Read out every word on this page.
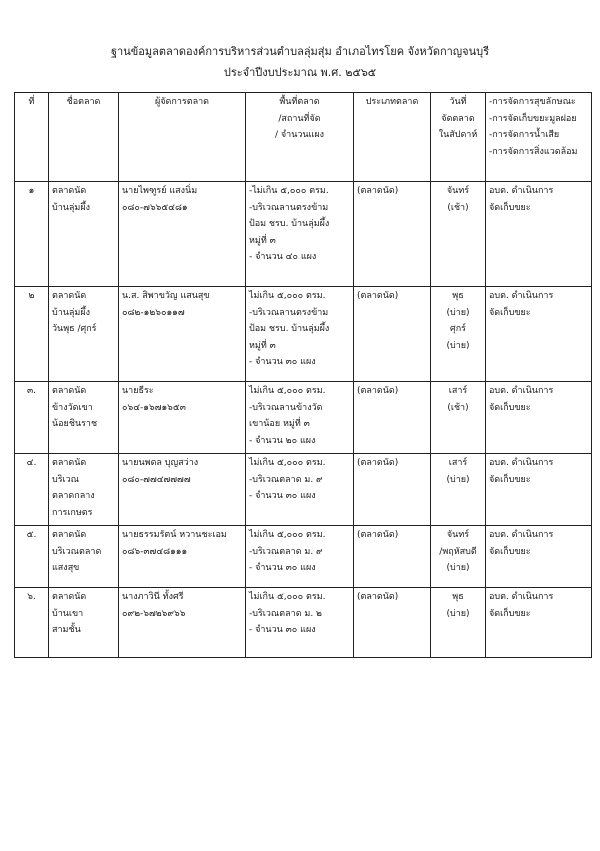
ฐานข้อมูลตลาดองค์การบริหารส่วนตำบลลุ่มสุ่ม อำเภอไทรโยค จังหวัดกาญจนบุรี
ประจำปีงบประมาณ พ.ศ. ๒๕๖๕
ที่	ชื่อตลาด	ผู้จัดการตลาด	พื้นที่ตลาด
/สถานที่จัด
/ จำนวนแผง	ประเภทตลาด	วันที่
จัดตลาด
ในสัปดาห์	-การจัดการสุขลักษณะ
-การจัดเก็บขยะมูลฝอย
-การจัดการน้ำเสีย
-การจัดการสิ่งแวดล้อม

๑	ตลาดนัด
บ้านลุ่มผึ้ง	นายไพฑูรย์ แสงนิ่ม
๐๘๐-๗๖๖๕๔๘๑	-ไม่เกิน ๕,๐๐๐ ตรม.
-บริเวณลานตรงข้าม
ป้อม ชรบ. บ้านลุ่มผึ้ง
หมู่ที่ ๓
- จำนวน ๔๐ แผง	(ตลาดนัด)	จันทร์
(เช้า)	อบต. ดำเนินการ
จัดเก็บขยะ

๒	ตลาดนัด
บ้านลุ่มผึ้ง
วันพุธ /ศุกร์	น.ส. สิพาขวัญ แสนสุข
๐๘๒-๑๒๖๐๑๑๗	ไม่เกิน ๕,๐๐๐ ตรม.
-บริเวณลานตรงข้าม
ป้อม ชรบ. บ้านลุ่มผึ้ง
หมู่ที่ ๓
- จำนวน ๓๐ แผง	(ตลาดนัด)	พุธ
(บ่าย)
ศุกร์
(บ่าย)	อบต. ดำเนินการ
จัดเก็บขยะ

๓.	ตลาดนัด
ข้างวัดเขา
น้อยชินราช	นายธีระ
๐๖๔-๑๖๗๑๖๕๓	ไม่เกิน ๕,๐๐๐ ตรม.
-บริเวณลานข้างวัด
เขาน้อย หมู่ที่ ๓
- จำนวน ๒๐ แผง	(ตลาดนัด)	เสาร์
(เช้า)	อบต. ดำเนินการ
จัดเก็บขยะ

๔.	ตลาดนัด
บริเวณ
ตลาดกลาง
การเกษตร	นายนพดล บุญสว่าง
๐๘๐-๗๗๔๗๗๗๗	ไม่เกิน ๕,๐๐๐ ตรม.
-บริเวณตลาด ม. ๙
- จำนวน ๓๐ แผง	(ตลาดนัด)	เสาร์
(บ่าย)	อบต. ดำเนินการ
จัดเก็บขยะ

๕.	ตลาดนัด
บริเวณตลาด
แสงสุข	นายธรรมรัตน์ หวานชะเอม
๐๘๖-๓๗๔๘๑๑๑	ไม่เกิน ๕,๐๐๐ ตรม.
-บริเวณตลาด ม. ๙
- จำนวน ๓๐ แผง	(ตลาดนัด)	จันทร์
/พฤหัสบดี
(บ่าย)	อบต. ดำเนินการ
จัดเก็บขยะ

๖.	ตลาดนัด
บ้านเขา
สามชั้น	นางภาวินี ทั้งศรี
๐๙๒-๖๗๒๖๙๖๖	ไม่เกิน ๕,๐๐๐ ตรม.
-บริเวณตลาด ม. ๒
- จำนวน ๓๐ แผง	(ตลาดนัด)	พุธ
(บ่าย)	อบต. ดำเนินการ
จัดเก็บขยะ
